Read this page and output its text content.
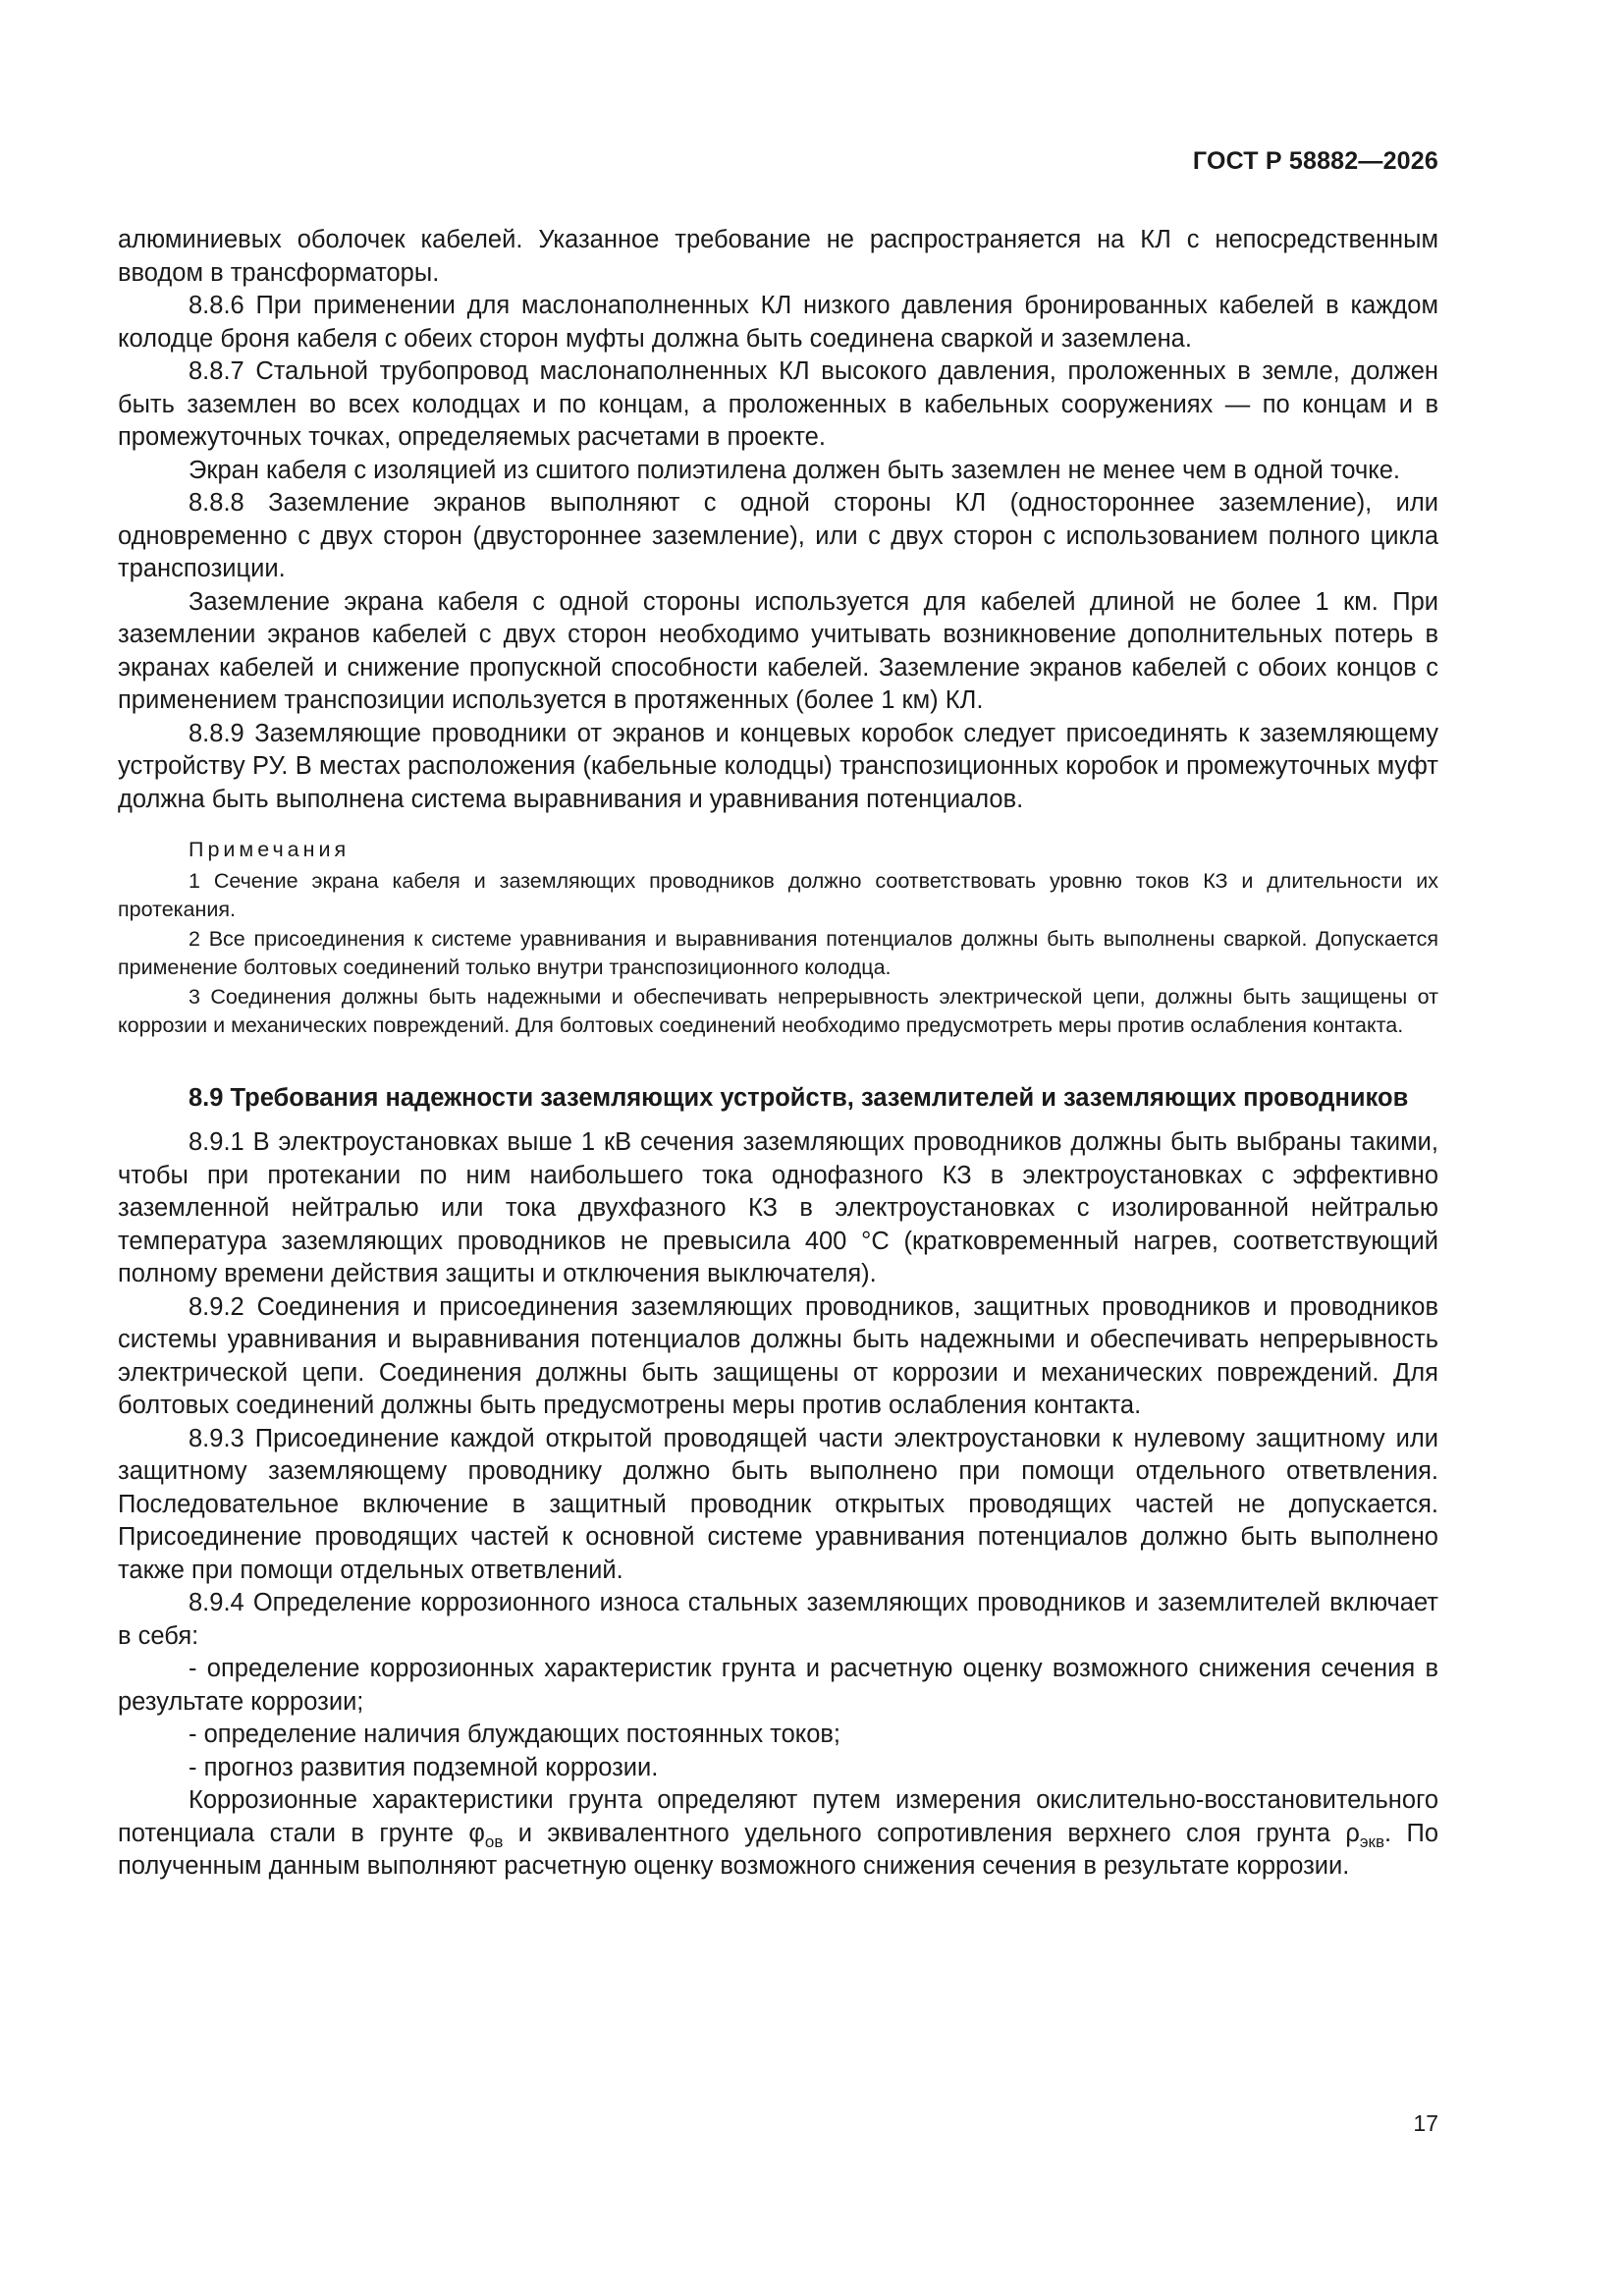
ГОСТ Р 58882—2026

алюминиевых оболочек кабелей. Указанное требование не распространяется на КЛ с непосредственным вводом в трансформаторы.

8.8.6 При применении для маслонаполненных КЛ низкого давления бронированных кабелей в каждом колодце броня кабеля с обеих сторон муфты должна быть соединена сваркой и заземлена.

8.8.7 Стальной трубопровод маслонаполненных КЛ высокого давления, проложенных в земле, должен быть заземлен во всех колодцах и по концам, а проложенных в кабельных сооружениях — по концам и в промежуточных точках, определяемых расчетами в проекте.

Экран кабеля с изоляцией из сшитого полиэтилена должен быть заземлен не менее чем в одной точке.

8.8.8 Заземление экранов выполняют с одной стороны КЛ (одностороннее заземление), или одновременно с двух сторон (двустороннее заземление), или с двух сторон с использованием полного цикла транспозиции.

Заземление экрана кабеля с одной стороны используется для кабелей длиной не более 1 км. При заземлении экранов кабелей с двух сторон необходимо учитывать возникновение дополнительных потерь в экранах кабелей и снижение пропускной способности кабелей. Заземление экранов кабелей с обоих концов с применением транспозиции используется в протяженных (более 1 км) КЛ.

8.8.9 Заземляющие проводники от экранов и концевых коробок следует присоединять к заземляющему устройству РУ. В местах расположения (кабельные колодцы) транспозиционных коробок и промежуточных муфт должна быть выполнена система выравнивания и уравнивания потенциалов.

Примечания

1 Сечение экрана кабеля и заземляющих проводников должно соответствовать уровню токов КЗ и длительности их протекания.

2 Все присоединения к системе уравнивания и выравнивания потенциалов должны быть выполнены сваркой. Допускается применение болтовых соединений только внутри транспозиционного колодца.

3 Соединения должны быть надежными и обеспечивать непрерывность электрической цепи, должны быть защищены от коррозии и механических повреждений. Для болтовых соединений необходимо предусмотреть меры против ослабления контакта.

8.9 Требования надежности заземляющих устройств, заземлителей и заземляющих проводников

8.9.1 В электроустановках выше 1 кВ сечения заземляющих проводников должны быть выбраны такими, чтобы при протекании по ним наибольшего тока однофазного КЗ в электроустановках с эффективно заземленной нейтралью или тока двухфазного КЗ в электроустановках с изолированной нейтралью температура заземляющих проводников не превысила 400 °С (кратковременный нагрев, соответствующий полному времени действия защиты и отключения выключателя).

8.9.2 Соединения и присоединения заземляющих проводников, защитных проводников и проводников системы уравнивания и выравнивания потенциалов должны быть надежными и обеспечивать непрерывность электрической цепи. Соединения должны быть защищены от коррозии и механических повреждений. Для болтовых соединений должны быть предусмотрены меры против ослабления контакта.

8.9.3 Присоединение каждой открытой проводящей части электроустановки к нулевому защитному или защитному заземляющему проводнику должно быть выполнено при помощи отдельного ответвления. Последовательное включение в защитный проводник открытых проводящих частей не допускается. Присоединение проводящих частей к основной системе уравнивания потенциалов должно быть выполнено также при помощи отдельных ответвлений.

8.9.4 Определение коррозионного износа стальных заземляющих проводников и заземлителей включает в себя:

- определение коррозионных характеристик грунта и расчетную оценку возможного снижения сечения в результате коррозии;

- определение наличия блуждающих постоянных токов;

- прогноз развития подземной коррозии.

Коррозионные характеристики грунта определяют путем измерения окислительно-восстановительного потенциала стали в грунте $\varphi_{ов}$ и эквивалентного удельного сопротивления верхнего слоя грунта $\rho_{экв}$. По полученным данным выполняют расчетную оценку возможного снижения сечения в результате коррозии.

17
